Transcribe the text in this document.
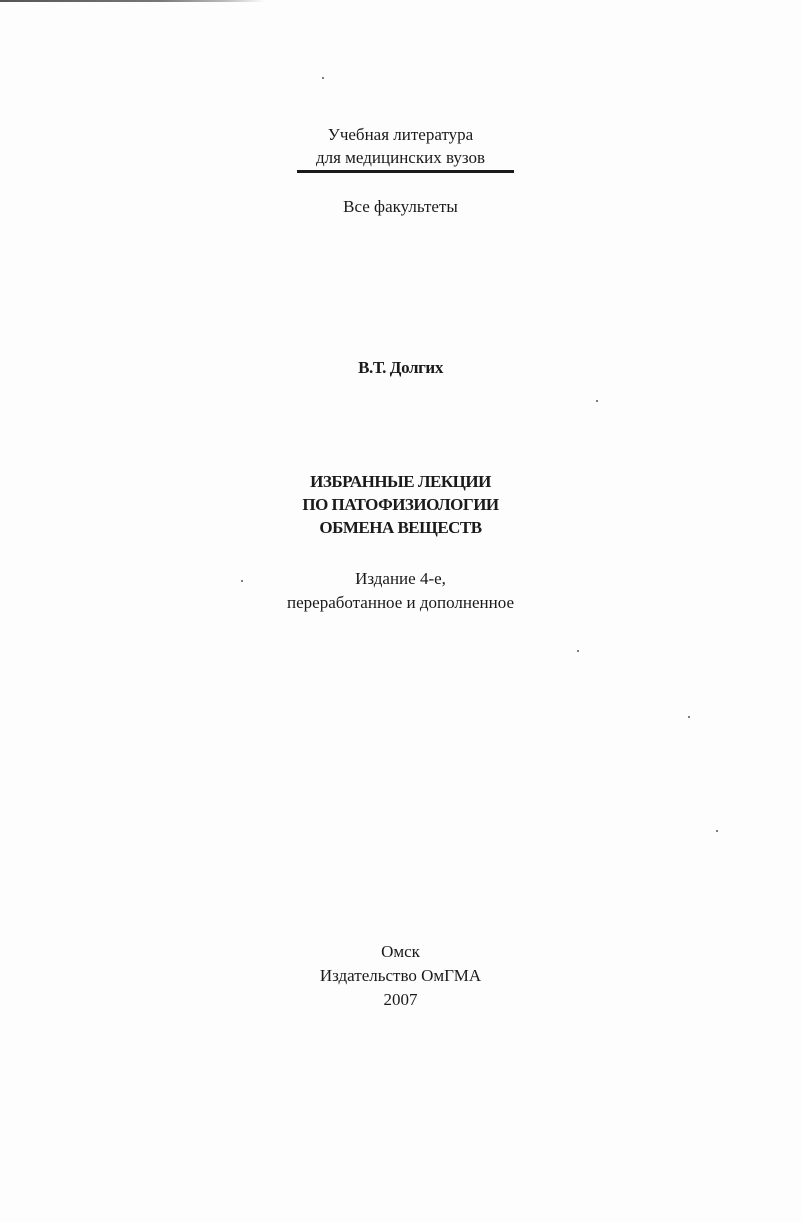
Учебная литература
для медицинских вузов
Все факультеты
В.Т. Долгих
ИЗБРАННЫЕ ЛЕКЦИИ
ПО ПАТОФИЗИОЛОГИИ
ОБМЕНА ВЕЩЕСТВ
Издание 4-е,
переработанное и дополненное
Омск
Издательство ОмГМА
2007
